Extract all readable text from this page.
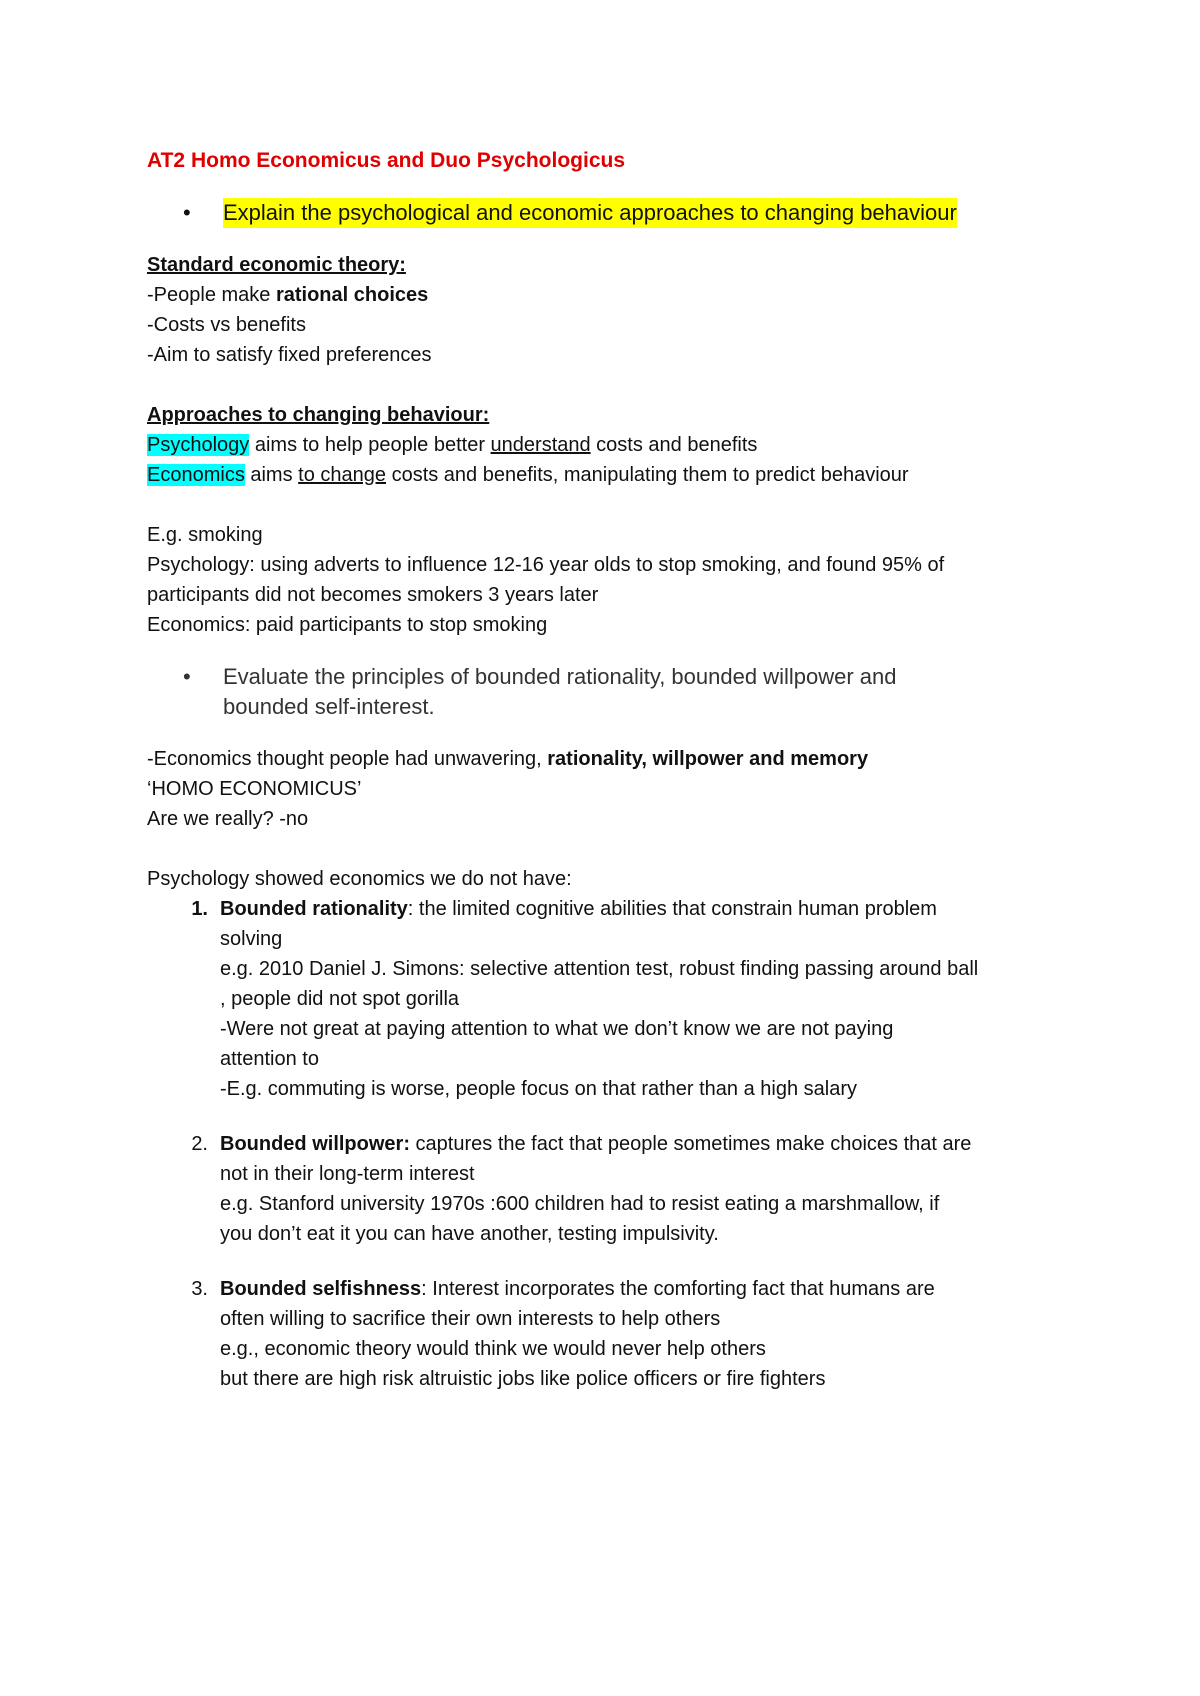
AT2 Homo Economicus and Duo Psychologicus
•	Explain the psychological and economic approaches to changing behaviour
Standard economic theory:
-People make rational choices
-Costs vs benefits
-Aim to satisfy fixed preferences
Approaches to changing behaviour:
Psychology aims to help people better understand costs and benefits
Economics aims to change costs and benefits, manipulating them to predict behaviour
E.g. smoking
Psychology: using adverts to influence 12-16 year olds to stop smoking, and found 95% of
participants did not becomes smokers 3 years later
Economics: paid participants to stop smoking
•	Evaluate the principles of bounded rationality, bounded willpower and
bounded self-interest.
-Economics thought people had unwavering, rationality, willpower and memory
‘HOMO ECONOMICUS’
Are we really? -no
Psychology showed economics we do not have:
1. Bounded rationality: the limited cognitive abilities that constrain human problem
solving
e.g. 2010 Daniel J. Simons: selective attention test, robust finding passing around ball
, people did not spot gorilla
-Were not great at paying attention to what we don’t know we are not paying
attention to
-E.g. commuting is worse, people focus on that rather than a high salary
2. Bounded willpower: captures the fact that people sometimes make choices that are
not in their long-term interest
e.g. Stanford university 1970s :600 children had to resist eating a marshmallow, if
you don’t eat it you can have another, testing impulsivity.
3. Bounded selfishness: Interest incorporates the comforting fact that humans are
often willing to sacrifice their own interests to help others
e.g., economic theory would think we would never help others
but there are high risk altruistic jobs like police officers or fire fighters
